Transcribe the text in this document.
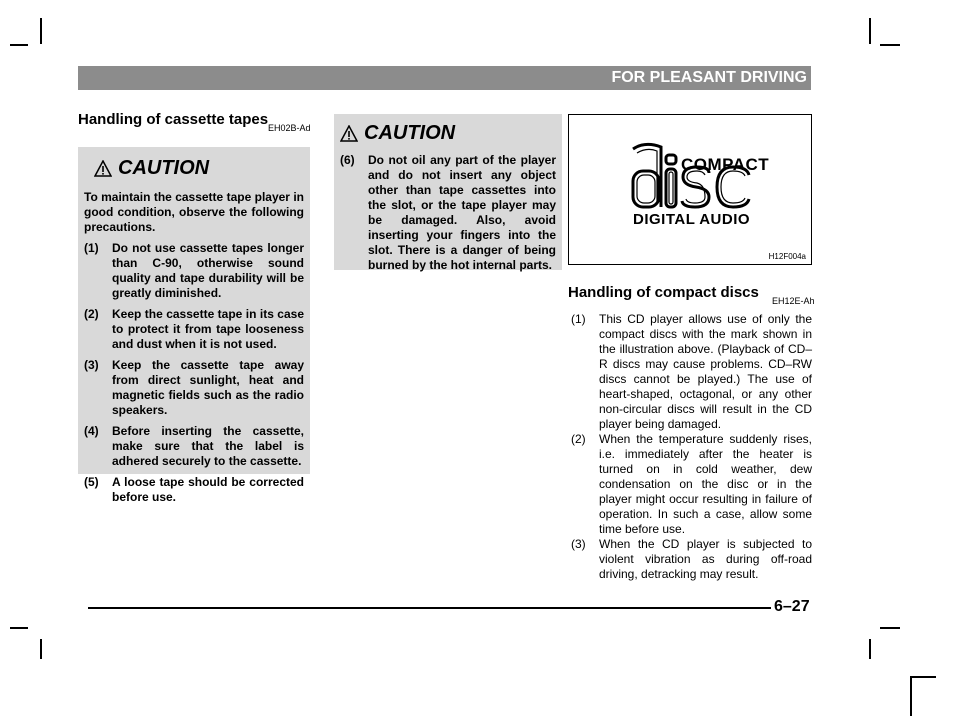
FOR PLEASANT DRIVING
Handling of cassette tapes EH02B-Ad
CAUTION
To maintain the cassette tape player in good condition, observe the following precautions.
(1)	Do not use cassette tapes longer than C-90, otherwise sound quality and tape durability will be greatly diminished.
(2)	Keep the cassette tape in its case to protect it from tape looseness and dust when it is not used.
(3)	Keep the cassette tape away from direct sunlight, heat and magnetic fields such as the radio speakers.
(4)	Before inserting the cassette, make sure that the label is adhered securely to the cassette.
(5)	A loose tape should be corrected before use.
CAUTION
(6)	Do not oil any part of the player and do not insert any object other than tape cassettes into the slot, or the tape player may be damaged. Also, avoid inserting your fingers into the slot. There is a danger of being burned by the hot internal parts.
COMPACT
DIGITAL AUDIO
H12F004a
Handling of compact discs EH12E-Ah
(1)	This CD player allows use of only the compact discs with the mark shown in the illustration above. (Playback of CD–R discs may cause problems. CD–RW discs cannot be played.) The use of heart-shaped, octagonal, or any other non-circular discs will result in the CD player being damaged.
(2)	When the temperature suddenly rises, i.e. immediately after the heater is turned on in cold weather, dew condensation on the disc or in the player might occur resulting in failure of operation. In such a case, allow some time before use.
(3)	When the CD player is subjected to violent vibration as during off-road driving, detracking may result.
6–27
